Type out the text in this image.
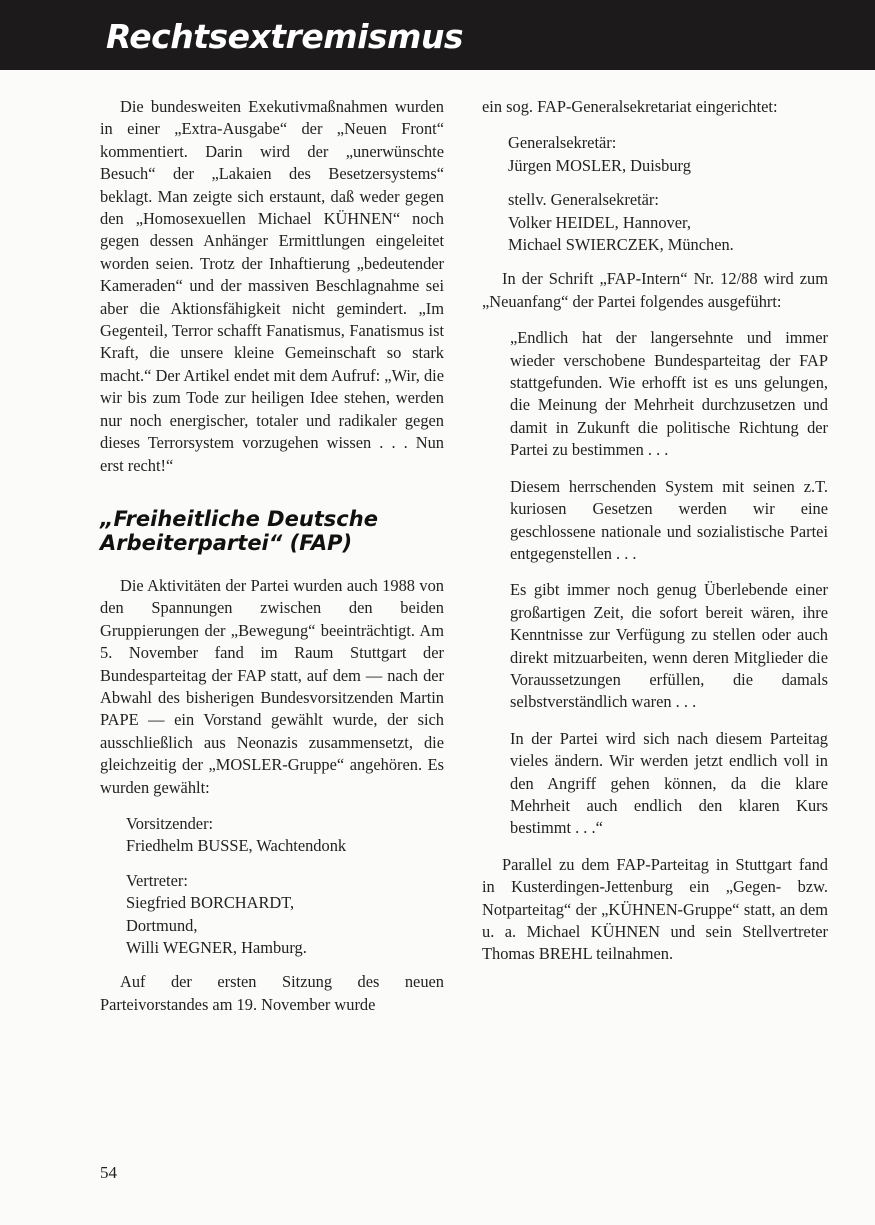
Rechtsextremismus

Die bundesweiten Exekutivmaßnahmen wurden in einer „Extra-Ausgabe“ der „Neuen Front“ kommentiert. Darin wird der „unerwünschte Besuch“ der „Lakaien des Besetzersystems“ beklagt. Man zeigte sich erstaunt, daß weder gegen den „Homosexuellen Michael KÜHNEN“ noch gegen dessen Anhänger Ermittlungen eingeleitet worden seien. Trotz der Inhaftierung „bedeutender Kameraden“ und der massiven Beschlagnahme sei aber die Aktionsfähigkeit nicht gemindert. „Im Gegenteil, Terror schafft Fanatismus, Fanatismus ist Kraft, die unsere kleine Gemeinschaft so stark macht.“ Der Artikel endet mit dem Aufruf: „Wir, die wir bis zum Tode zur heiligen Idee stehen, werden nur noch energischer, totaler und radikaler gegen dieses Terrorsystem vorzugehen wissen . . . Nun erst recht!“

„Freiheitliche Deutsche
Arbeiterpartei“ (FAP)

Die Aktivitäten der Partei wurden auch 1988 von den Spannungen zwischen den beiden Gruppierungen der „Bewegung“ beeinträchtigt. Am 5. November fand im Raum Stuttgart der Bundesparteitag der FAP statt, auf dem — nach der Abwahl des bisherigen Bundesvorsitzenden Martin PAPE — ein Vorstand gewählt wurde, der sich ausschließlich aus Neonazis zusammensetzt, die gleichzeitig der „MOSLER-Gruppe“ angehören. Es wurden gewählt:

Vorsitzender:
Friedhelm BUSSE, Wachtendonk
Vertreter:
Siegfried BORCHARDT,
Dortmund,
Willi WEGNER, Hamburg.

Auf der ersten Sitzung des neuen Parteivorstandes am 19. November wurde

ein sog. FAP-Generalsekretariat eingerichtet:

Generalsekretär:
Jürgen MOSLER, Duisburg
stellv. Generalsekretär:
Volker HEIDEL, Hannover,
Michael SWIERCZEK, München.

In der Schrift „FAP-Intern“ Nr. 12/88 wird zum „Neuanfang“ der Partei folgendes ausgeführt:

„Endlich hat der langersehnte und immer wieder verschobene Bundesparteitag der FAP stattgefunden. Wie erhofft ist es uns gelungen, die Meinung der Mehrheit durchzusetzen und damit in Zukunft die politische Richtung der Partei zu bestimmen . . .

Diesem herrschenden System mit seinen z.T. kuriosen Gesetzen werden wir eine geschlossene nationale und sozialistische Partei entgegenstellen . . .

Es gibt immer noch genug Überlebende einer großartigen Zeit, die sofort bereit wären, ihre Kenntnisse zur Verfügung zu stellen oder auch direkt mitzuarbeiten, wenn deren Mitglieder die Voraussetzungen erfüllen, die damals selbstverständlich waren . . .

In der Partei wird sich nach diesem Parteitag vieles ändern. Wir werden jetzt endlich voll in den Angriff gehen können, da die klare Mehrheit auch endlich den klaren Kurs bestimmt . . .“

Parallel zu dem FAP-Parteitag in Stuttgart fand in Kusterdingen-Jettenburg ein „Gegen- bzw. Notparteitag“ der „KÜHNEN-Gruppe“ statt, an dem u. a. Michael KÜHNEN und sein Stellvertreter Thomas BREHL teilnahmen.

54
